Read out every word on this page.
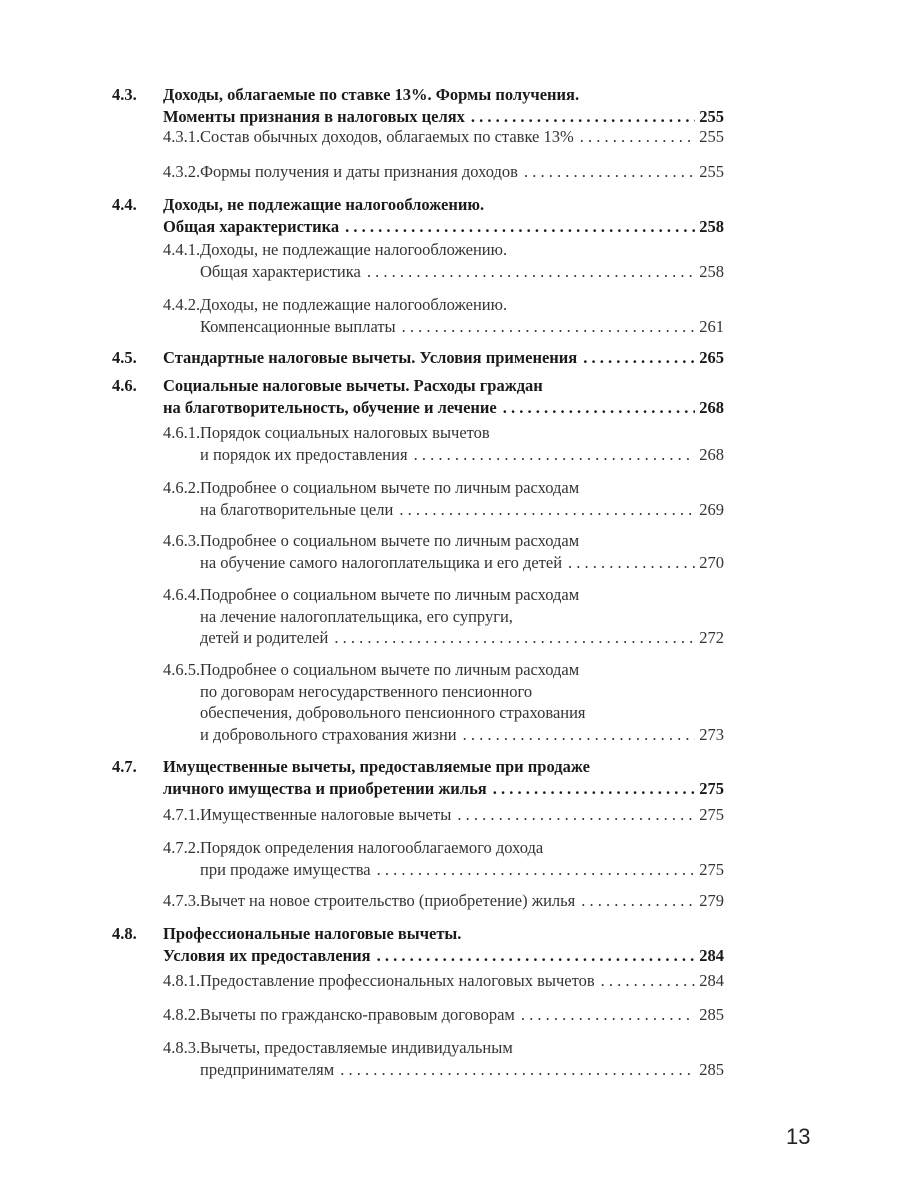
4.3. Доходы, облагаемые по ставке 13%. Формы получения.
Моменты признания в налоговых целях . . .	255
4.3.1. Состав обычных доходов, облагаемых по ставке 13% . . .	255
4.3.2. Формы получения и даты признания доходов . . .	255
4.4. Доходы, не подлежащие налогообложению.
Общая характеристика . . .	258
4.4.1. Доходы, не подлежащие налогообложению.
Общая характеристика . . .	258
4.4.2. Доходы, не подлежащие налогообложению.
Компенсационные выплаты . . .	261
4.5. Стандартные налоговые вычеты. Условия применения . . .	265
4.6. Социальные налоговые вычеты. Расходы граждан
на благотворительность, обучение и лечение . . .	268
4.6.1. Порядок социальных налоговых вычетов
и порядок их предоставления . . .	268
4.6.2. Подробнее о социальном вычете по личным расходам
на благотворительные цели . . .	269
4.6.3. Подробнее о социальном вычете по личным расходам
на обучение самого налогоплательщика и его детей . . .	270
4.6.4. Подробнее о социальном вычете по личным расходам
на лечение налогоплательщика, его супруги,
детей и родителей . . .	272
4.6.5. Подробнее о социальном вычете по личным расходам
по договорам негосударственного пенсионного
обеспечения, добровольного пенсионного страхования
и добровольного страхования жизни . . .	273
4.7. Имущественные вычеты, предоставляемые при продаже
личного имущества и приобретении жилья . . .	275
4.7.1. Имущественные налоговые вычеты . . .	275
4.7.2. Порядок определения налогооблагаемого дохода
при продаже имущества . . .	275
4.7.3. Вычет на новое строительство (приобретение) жилья . . .	279
4.8. Профессиональные налоговые вычеты.
Условия их предоставления . . .	284
4.8.1. Предоставление профессиональных налоговых вычетов . . .	284
4.8.2. Вычеты по гражданско-правовым договорам . . .	285
4.8.3. Вычеты, предоставляемые индивидуальным
предпринимателям . . .	285
13
